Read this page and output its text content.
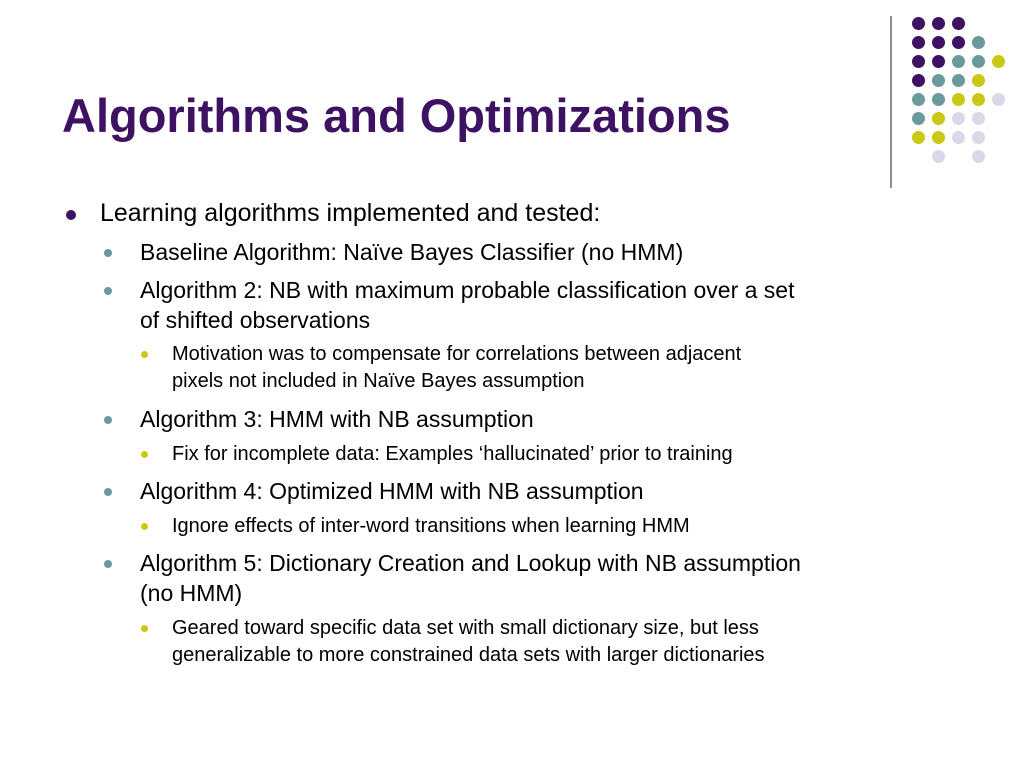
Algorithms and Optimizations
Learning algorithms implemented and tested:
Baseline Algorithm: Naïve Bayes Classifier (no HMM)
Algorithm 2: NB with maximum probable classification over a set
of shifted observations
Motivation was to compensate for correlations between adjacent
pixels not included in Naïve Bayes assumption
Algorithm 3: HMM with NB assumption
Fix for incomplete data: Examples ‘hallucinated’ prior to training
Algorithm 4: Optimized HMM with NB assumption
Ignore effects of inter-word transitions when learning HMM
Algorithm 5: Dictionary Creation and Lookup with NB assumption
(no HMM)
Geared toward specific data set with small dictionary size, but less
generalizable to more constrained data sets with larger dictionaries
